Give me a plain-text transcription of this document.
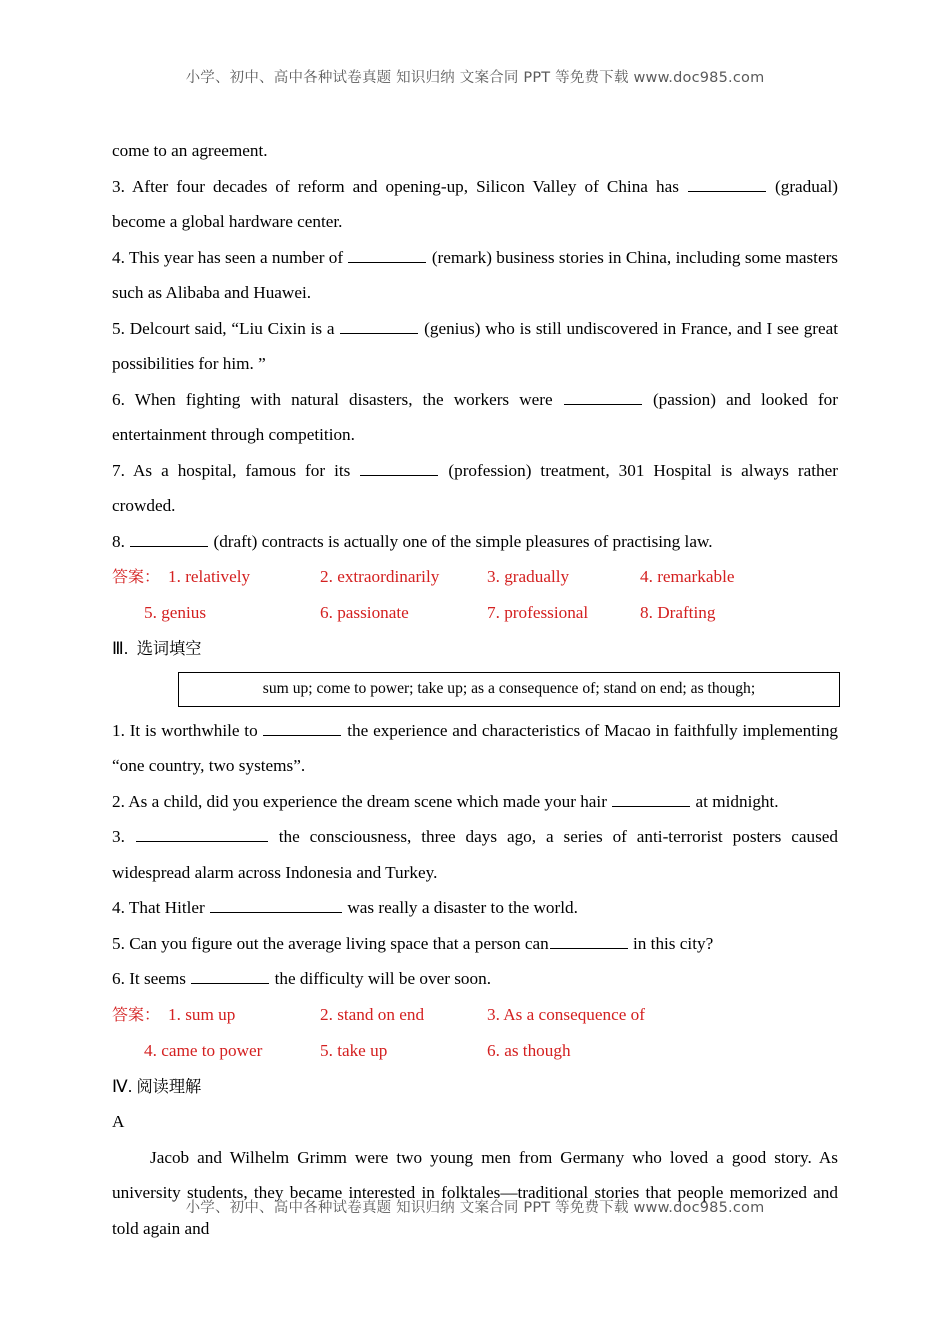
小学、初中、高中各种试卷真题 知识归纳 文案合同 PPT 等免费下载 www.doc985.com

come to an agreement.

3. After four decades of reform and opening-up, Silicon Valley of China has	(gradual) become a global hardware center.

4. This year has seen a number of	(remark) business stories in China, including some masters such as Alibaba and Huawei.

5. Delcourt said, “Liu Cixin is a	(genius) who is still undiscovered in France, and I see great possibilities for him. ”

6. When fighting with natural disasters, the workers were	(passion) and looked for entertainment through competition.

7. As a hospital, famous for its	(profession) treatment, 301 Hospital is always rather crowded.

8.	(draft) contracts is actually one of the simple pleasures of practising law.

答案： 1. relatively	2. extraordinarily	3. gradually	4. remarkable
5. genius	6. passionate	7. professional	8. Drafting

Ⅲ. 选词填空

sum up; come to power; take up; as a consequence of; stand on end; as though;

1. It is worthwhile to	the experience and characteristics of Macao in faithfully implementing “one country, two systems”.

2. As a child, did you experience the dream scene which made your hair	at midnight.

3.	the consciousness, three days ago, a series of anti-terrorist posters caused widespread alarm across Indonesia and Turkey.

4. That Hitler	was really a disaster to the world.

5. Can you figure out the average living space that a person can	in this city?

6. It seems	the difficulty will be over soon.

答案： 1. sum up	2. stand on end	3. As a consequence of
4. came to power	5. take up	6. as though

Ⅳ. 阅读理解

A

Jacob and Wilhelm Grimm were two young men from Germany who loved a good story. As university students, they became interested in folktales—traditional stories that people memorized and told again and

小学、初中、高中各种试卷真题 知识归纳 文案合同 PPT 等免费下载 www.doc985.com
